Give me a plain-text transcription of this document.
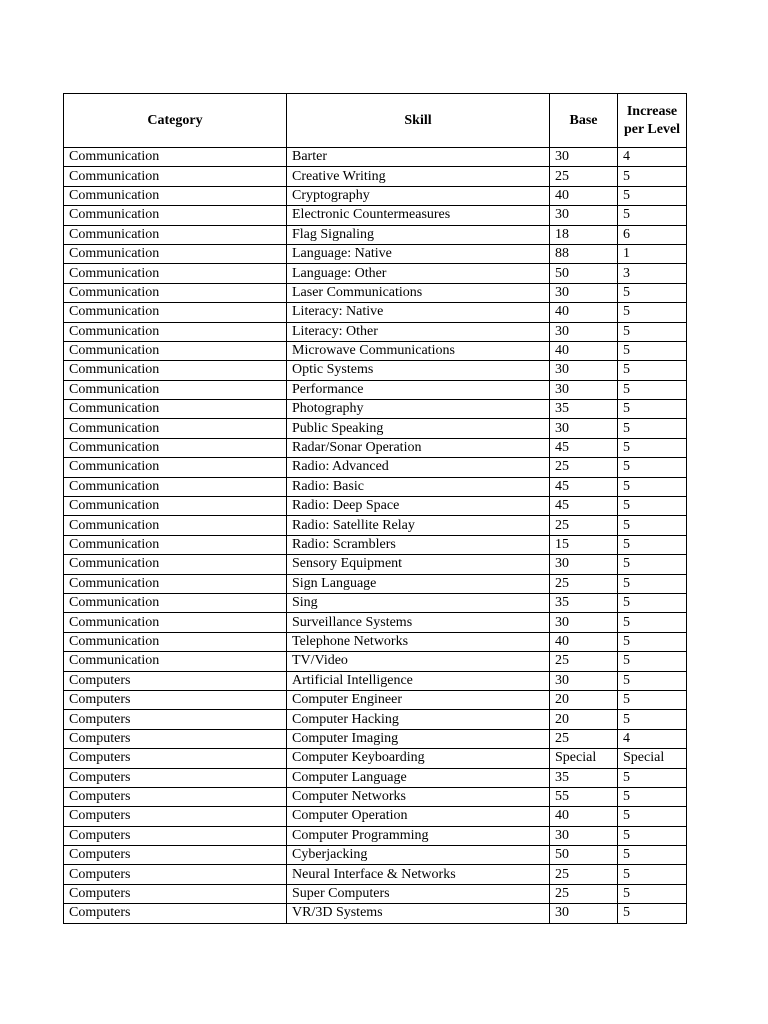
Category	Skill	Base	Increase per Level
Communication	Barter	30	4
Communication	Creative Writing	25	5
Communication	Cryptography	40	5
Communication	Electronic Countermeasures	30	5
Communication	Flag Signaling	18	6
Communication	Language: Native	88	1
Communication	Language: Other	50	3
Communication	Laser Communications	30	5
Communication	Literacy: Native	40	5
Communication	Literacy: Other	30	5
Communication	Microwave Communications	40	5
Communication	Optic Systems	30	5
Communication	Performance	30	5
Communication	Photography	35	5
Communication	Public Speaking	30	5
Communication	Radar/Sonar Operation	45	5
Communication	Radio: Advanced	25	5
Communication	Radio: Basic	45	5
Communication	Radio: Deep Space	45	5
Communication	Radio: Satellite Relay	25	5
Communication	Radio: Scramblers	15	5
Communication	Sensory Equipment	30	5
Communication	Sign Language	25	5
Communication	Sing	35	5
Communication	Surveillance Systems	30	5
Communication	Telephone Networks	40	5
Communication	TV/Video	25	5
Computers	Artificial Intelligence	30	5
Computers	Computer Engineer	20	5
Computers	Computer Hacking	20	5
Computers	Computer Imaging	25	4
Computers	Computer Keyboarding	Special	Special
Computers	Computer Language	35	5
Computers	Computer Networks	55	5
Computers	Computer Operation	40	5
Computers	Computer Programming	30	5
Computers	Cyberjacking	50	5
Computers	Neural Interface & Networks	25	5
Computers	Super Computers	25	5
Computers	VR/3D Systems	30	5
